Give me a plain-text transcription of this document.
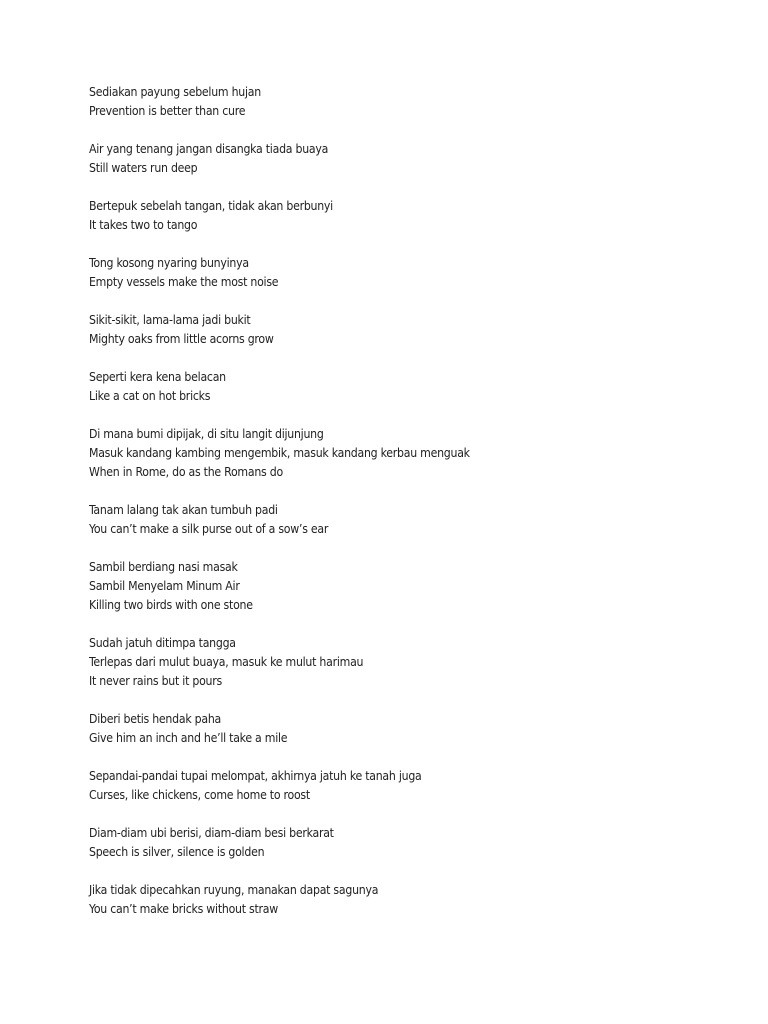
Sediakan payung sebelum hujan
Prevention is better than cure
Air yang tenang jangan disangka tiada buaya
Still waters run deep
Bertepuk sebelah tangan, tidak akan berbunyi
It takes two to tango
Tong kosong nyaring bunyinya
Empty vessels make the most noise
Sikit-sikit, lama-lama jadi bukit
Mighty oaks from little acorns grow
Seperti kera kena belacan
Like a cat on hot bricks
Di mana bumi dipijak, di situ langit dijunjung
Masuk kandang kambing mengembik, masuk kandang kerbau menguak
When in Rome, do as the Romans do
Tanam lalang tak akan tumbuh padi
You can’t make a silk purse out of a sow’s ear
Sambil berdiang nasi masak
Sambil Menyelam Minum Air
Killing two birds with one stone
Sudah jatuh ditimpa tangga
Terlepas dari mulut buaya, masuk ke mulut harimau
It never rains but it pours
Diberi betis hendak paha
Give him an inch and he’ll take a mile
Sepandai-pandai tupai melompat, akhirnya jatuh ke tanah juga
Curses, like chickens, come home to roost
Diam-diam ubi berisi, diam-diam besi berkarat
Speech is silver, silence is golden
Jika tidak dipecahkan ruyung, manakan dapat sagunya
You can’t make bricks without straw
